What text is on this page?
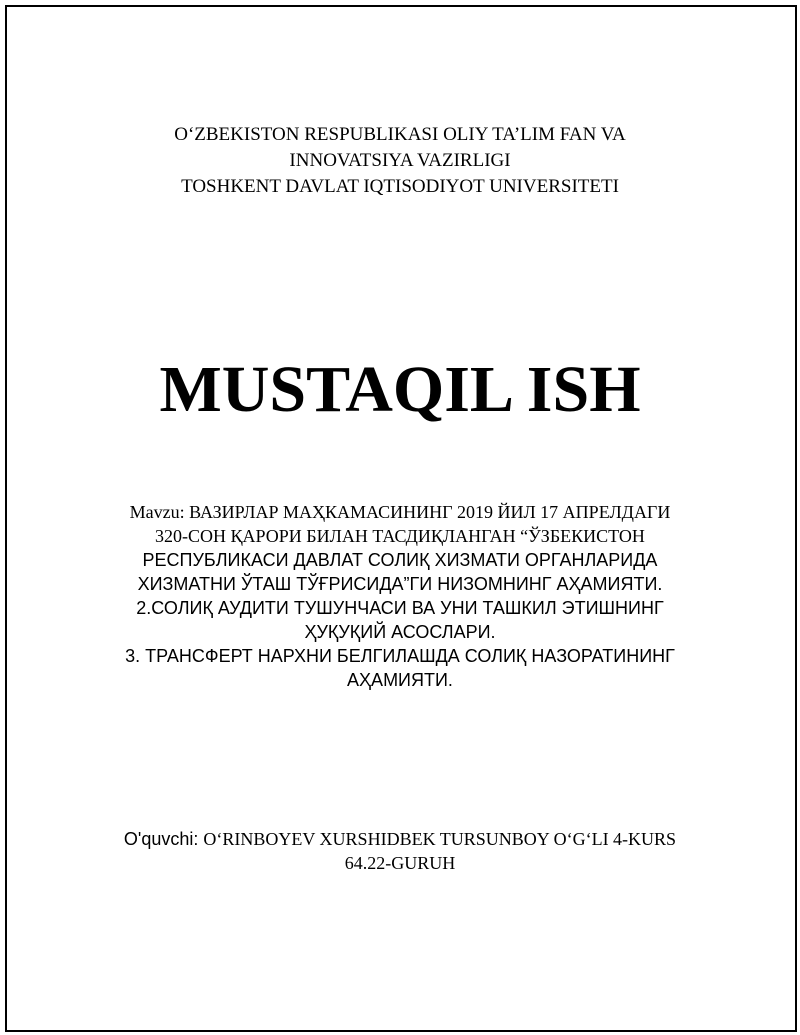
O‘ZBEKISTON RESPUBLIKASI OLIY TA’LIM FAN VA
INNOVATSIYA VAZIRLIGI
TOSHKENT DAVLAT IQTISODIYOT UNIVERSITETI
MUSTAQIL ISH
Mavzu: ВАЗИРЛАР МАҲКАМАСИНИНГ 2019 ЙИЛ 17 АПРЕЛДАГИ
320-СОН ҚАРОРИ БИЛАН ТАСДИҚЛАНГАН “ЎЗБЕКИСТОН
РЕСПУБЛИКАСИ ДАВЛАТ СОЛИҚ ХИЗМАТИ ОРГАНЛАРИДА
ХИЗМАТНИ ЎТАШ ТЎҒРИСИДА”ГИ НИЗОМНИНГ АҲАМИЯТИ.
2.СОЛИҚ АУДИТИ ТУШУНЧАСИ ВА УНИ ТАШКИЛ ЭТИШНИНГ
ҲУҚУҚИЙ АСОСЛАРИ.
3. ТРАНСФЕРТ НАРХНИ БЕЛГИЛАШДА СОЛИҚ НАЗОРАТИНИНГ
АҲАМИЯТИ.
O'quvchi: O‘RINBOYEV XURSHIDBEK TURSUNBOY O‘G‘LI 4-KURS
64.22-GURUH
